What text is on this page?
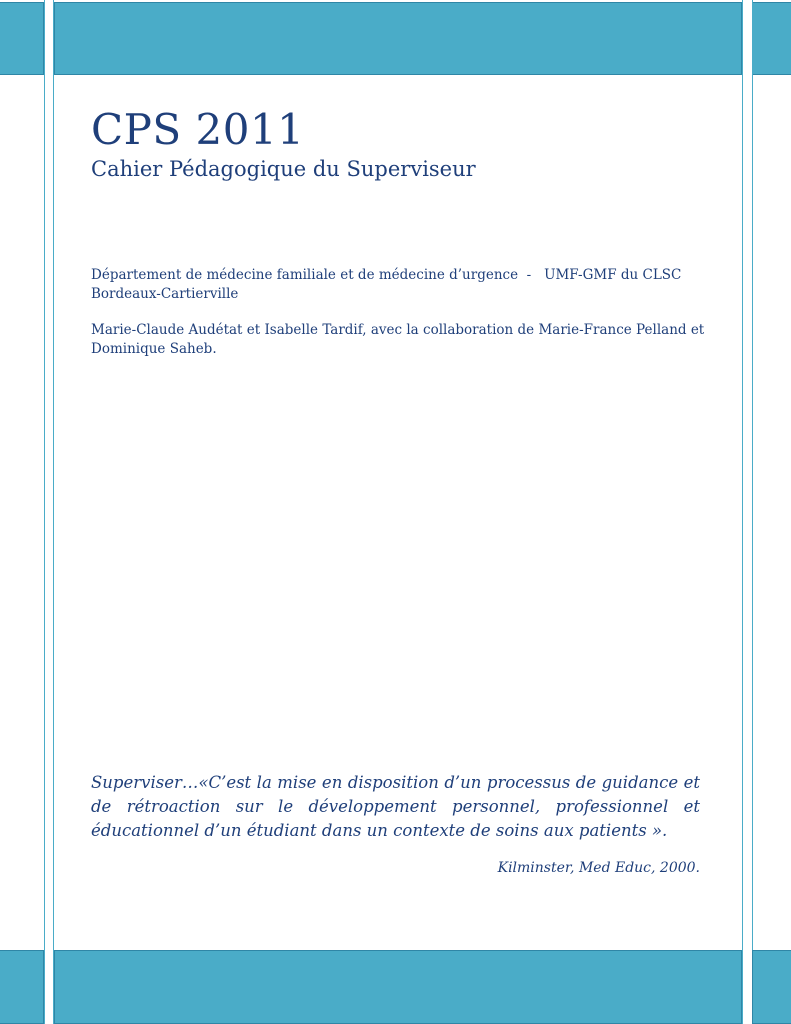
CPS 2011
Cahier Pédagogique du Superviseur
Département de médecine familiale et de médecine d’urgence  -   UMF-GMF du CLSC
Bordeaux-Cartierville
Marie-Claude Audétat et Isabelle Tardif, avec la collaboration de Marie-France Pelland et
Dominique Saheb.
Superviser…«C’est la mise en disposition d’un processus de guidance et de rétroaction sur le développement personnel, professionnel et éducationnel d’un étudiant dans un contexte de soins aux patients ».
Kilminster, Med Educ, 2000.
